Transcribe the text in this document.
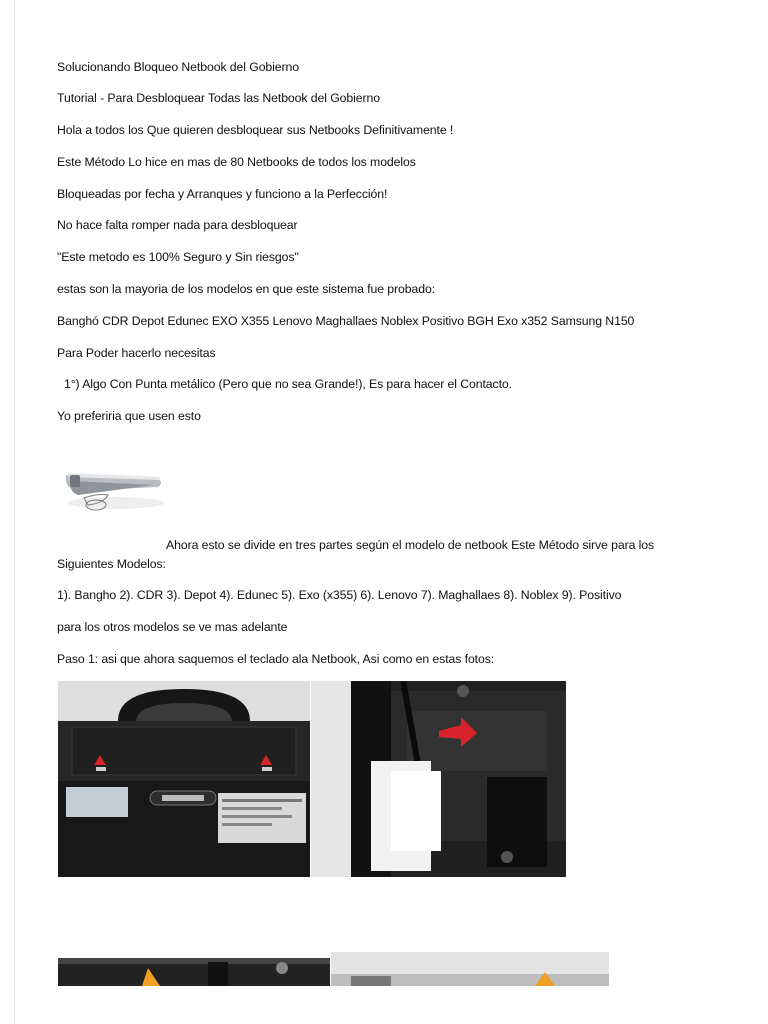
Solucionando Bloqueo Netbook del Gobierno
Tutorial - Para Desbloquear Todas las Netbook del Gobierno
Hola a todos los Que quieren desbloquear sus Netbooks Definitivamente !
Este Método Lo hice en mas de 80 Netbooks de todos los modelos
Bloqueadas por fecha y Arranques y funciono a la Perfección!
No hace falta romper nada para desbloquear
"Este metodo es 100% Seguro y Sin riesgos"
estas son la mayoria de los modelos en que este sistema fue probado:
Banghó CDR Depot Edunec EXO X355 Lenovo Maghallaes Noblex Positivo BGH Exo x352 Samsung N150
Para Poder hacerlo necesitas
1°) Algo Con Punta metálico (Pero que no sea Grande!), Es para hacer el Contacto.
Yo preferiria que usen esto
Ahora esto se divide en tres partes según el modelo de netbook Este Método sirve para los
Siguientes Modelos:
1). Bangho 2). CDR 3). Depot 4). Edunec 5). Exo (x355) 6). Lenovo 7). Maghallaes 8). Noblex 9). Positivo
para los otros modelos se ve mas adelante
Paso 1: asi que ahora saquemos el teclado ala Netbook, Asi como en estas fotos:
